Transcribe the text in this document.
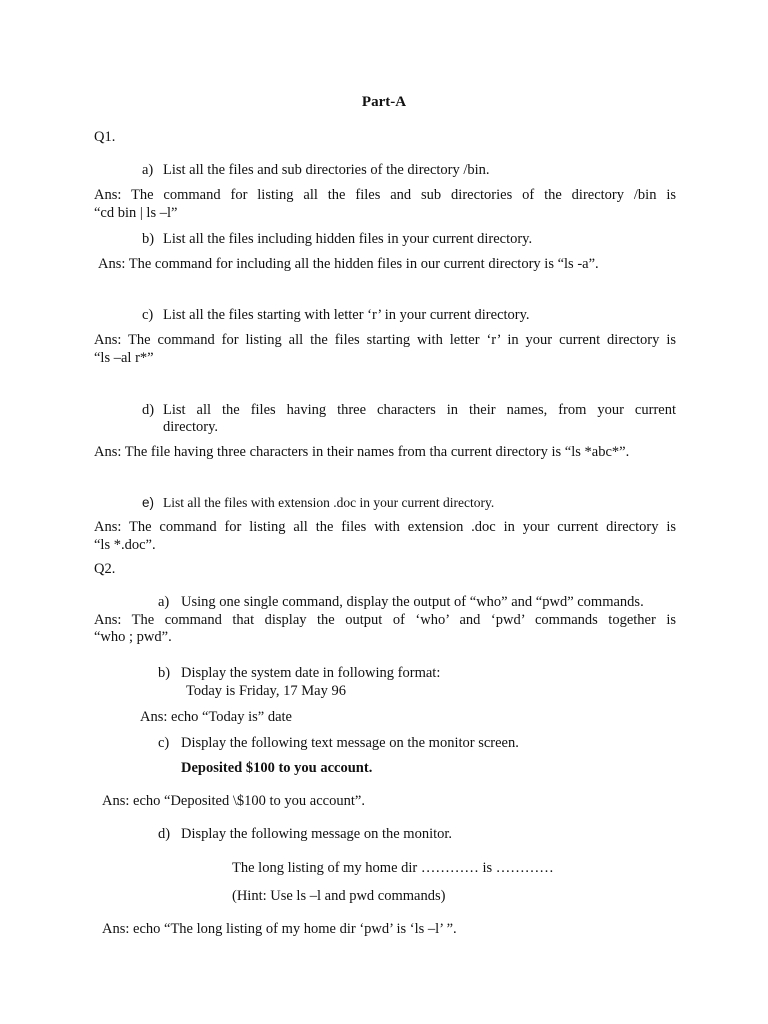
Part-A
Q1.
a) List all the files and sub directories of the directory /bin.
Ans: The command for listing all the files and sub directories of the directory /bin is
“cd bin | ls –l”
b) List all the files including hidden files in your current directory.
Ans: The command for including all the hidden files in our current directory is “ls -a”.
c) List all the files starting with letter ‘r’ in your current directory.
Ans: The command for listing all the files starting with letter ‘r’ in your current directory is
“ls –al r*”
d) List all the files having three characters in their names, from your current
directory.
Ans: The file having three characters in their names from tha current directory is “ls *abc*”.
e) List all the files with extension .doc in your current directory.
Ans: The command for listing all the files with extension .doc in your current directory is
“ls *.doc”.
Q2.
a) Using one single command, display the output of “who” and “pwd” commands.
Ans: The command that display the output of ‘who’ and ‘pwd’ commands together is
“who ; pwd”.
b) Display the system date in following format:
Today is Friday, 17 May 96
Ans: echo “Today is” date
c) Display the following text message on the monitor screen.
Deposited $100 to you account.
Ans: echo “Deposited \$100 to you account”.
d) Display the following message on the monitor.
The long listing of my home dir ………… is …………
(Hint: Use ls –l and pwd commands)
Ans: echo “The long listing of my home dir ‘pwd’ is ‘ls –l’ ”.
